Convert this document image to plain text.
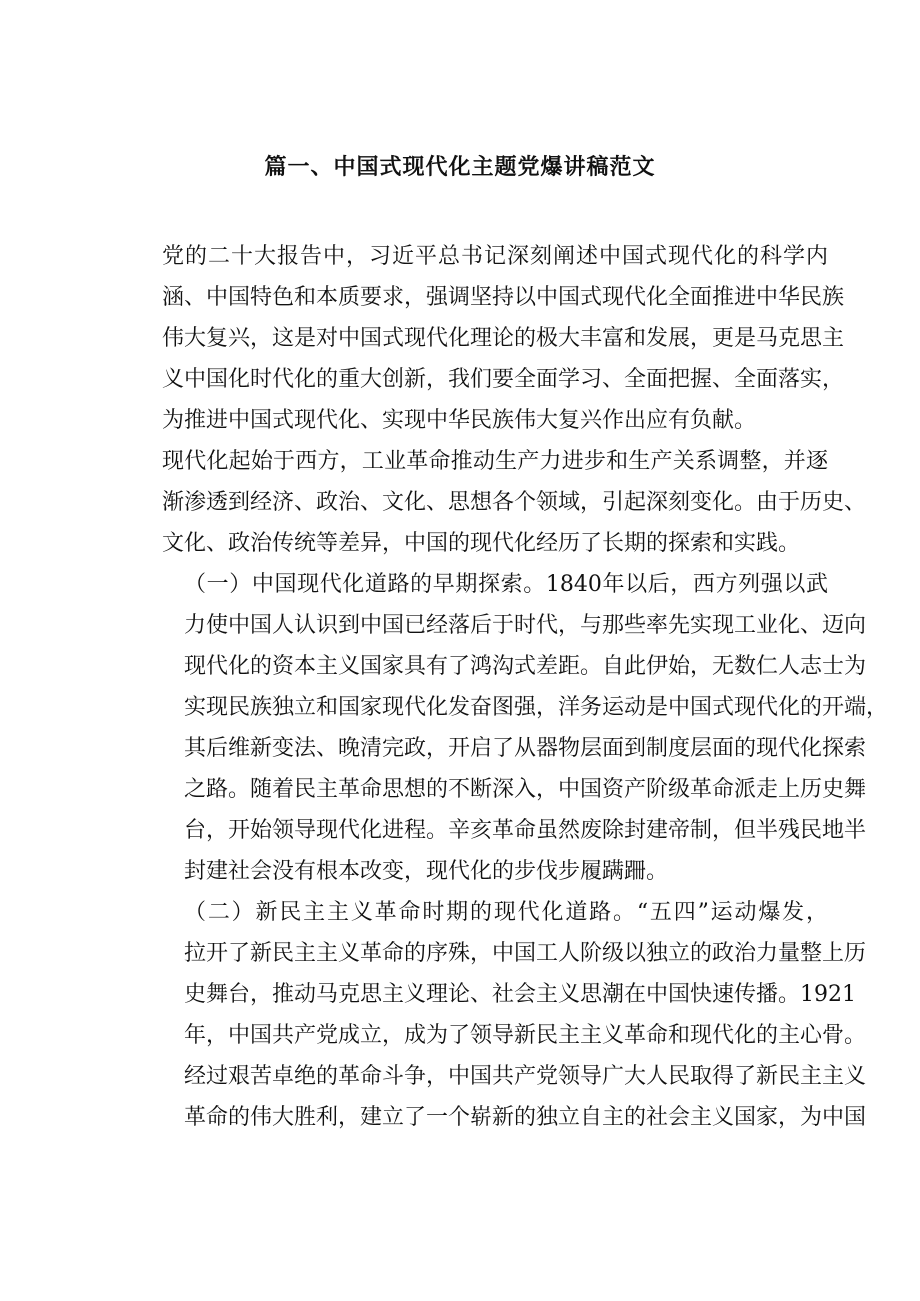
篇一、中国式现代化主题党爆讲稿范文

党的二十大报告中，习近平总书记深刻阐述中国式现代化的科学内
涵、中国特色和本质要求，强调坚持以中国式现代化全面推进中华民族
伟大复兴，这是对中国式现代化理论的极大丰富和发展，更是马克思主
义中国化时代化的重大创新，我们要全面学习、全面把握、全面落实，
为推进中国式现代化、实现中华民族伟大复兴作出应有负献。

现代化起始于西方，工业革命推动生产力进步和生产关系调整，并逐
渐渗透到经济、政治、文化、思想各个领域，引起深刻变化。由于历史、
文化、政治传统等差异，中国的现代化经历了长期的探索和实践。

（一）中国现代化道路的早期探索。1840年以后，西方列强以武
力使中国人认识到中国已经落后于时代，与那些率先实现工业化、迈向
现代化的资本主义国家具有了鸿沟式差距。自此伊始，无数仁人志士为
实现民族独立和国家现代化发奋图强，洋务运动是中国式现代化的开端，
其后维新变法、晚清完政，开启了从器物层面到制度层面的现代化探索
之路。随着民主革命思想的不断深入，中国资产阶级革命派走上历史舞
台，开始领导现代化进程。辛亥革命虽然废除封建帝制，但半残民地半
封建社会没有根本改变，现代化的步伐步履蹒跚。

（二）新民主主义革命时期的现代化道路。“五四”运动爆发，
拉开了新民主主义革命的序殊，中国工人阶级以独立的政治力量整上历
史舞台，推动马克思主义理论、社会主义思潮在中国快速传播。1921
年，中国共产党成立，成为了领导新民主主义革命和现代化的主心骨。
经过艰苦卓绝的革命斗争，中国共产党领导广大人民取得了新民主主义
革命的伟大胜利，建立了一个崭新的独立自主的社会主义国家，为中国
